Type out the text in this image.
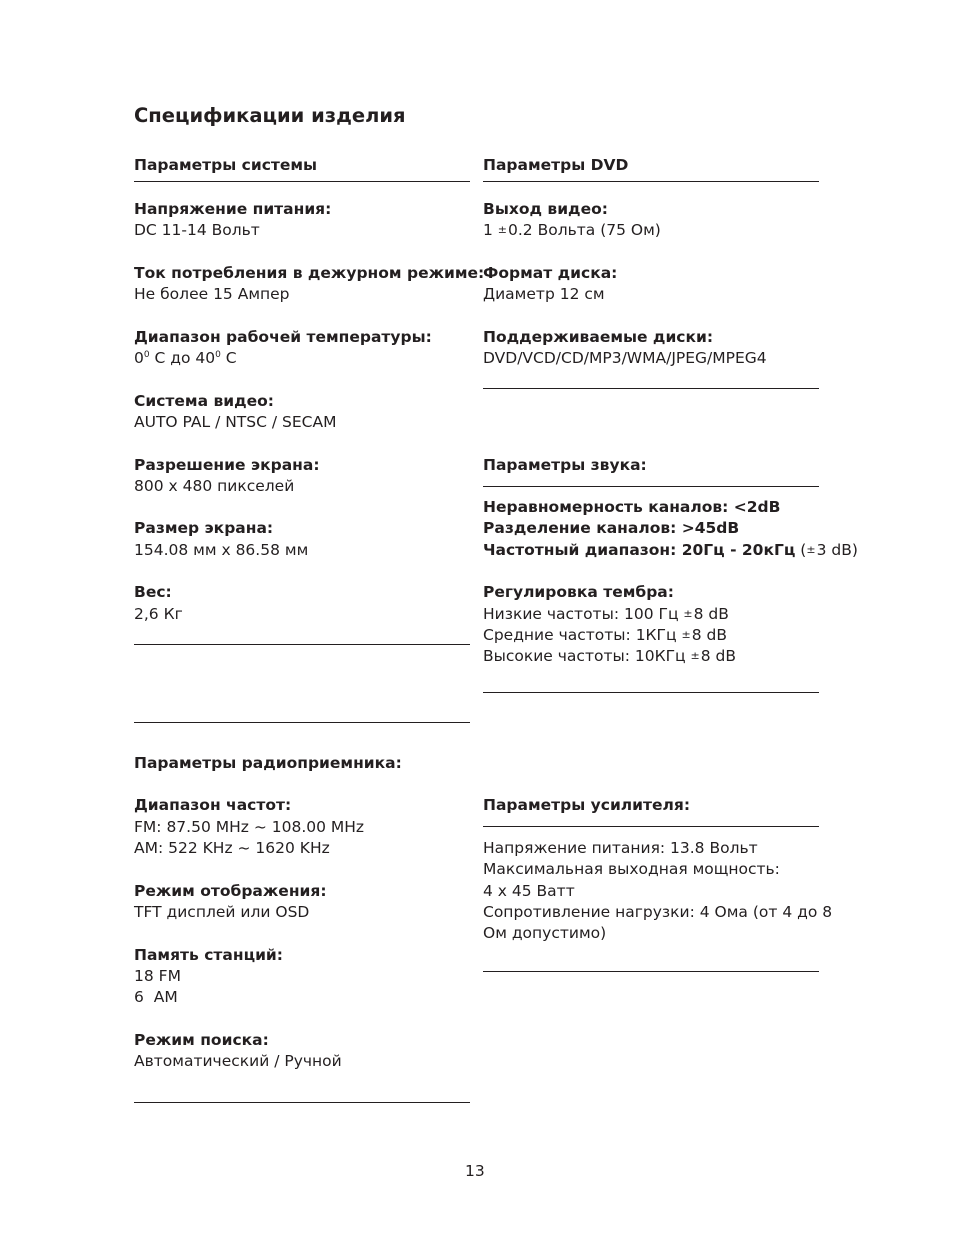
Спецификации изделия
Параметры системы
Напряжение питания:
DC 11-14 Вольт
Ток потребления в дежурном режиме:
Не более 15 Ампер
Диапазон рабочей температуры:
$0^0$ С до $40^0$ С
Система видео:
AUTO PAL / NTSC / SECAM
Разрешение экрана:
800 x 480 пикселей
Размер экрана:
154.08 мм x 86.58 мм
Вес:
2,6 Кг
Параметры DVD
Выход видео:
1 ±0.2 Вольта (75 Ом)
Формат диска:
Диаметр 12 см
Поддерживаемые диски:
DVD/VCD/CD/MP3/WMA/JPEG/MPEG4
Параметры звука:
Неравномерность каналов: <2dB
Разделение каналов: >45dB
Частотный диапазон: 20Гц - 20кГц (±3 dB)
Регулировка тембра:
Низкие частоты: 100 Гц ±8 dB
Средние частоты: 1КГц ±8 dB
Высокие частоты: 10КГц ±8 dB
Параметры радиоприемника:
Диапазон частот:
FM: 87.50 MHz ~ 108.00 MHz
AM: 522 KHz ~ 1620 KHz
Режим отображения:
TFT дисплей или OSD
Память станций:
18 FM
6  AM
Режим поиска:
Автоматический / Ручной
Параметры усилителя:
Напряжение питания: 13.8 Вольт
Максимальная выходная мощность:
4 x 45 Ватт
Сопротивление нагрузки: 4 Ома (от 4 до 8
Ом допустимо)
13
